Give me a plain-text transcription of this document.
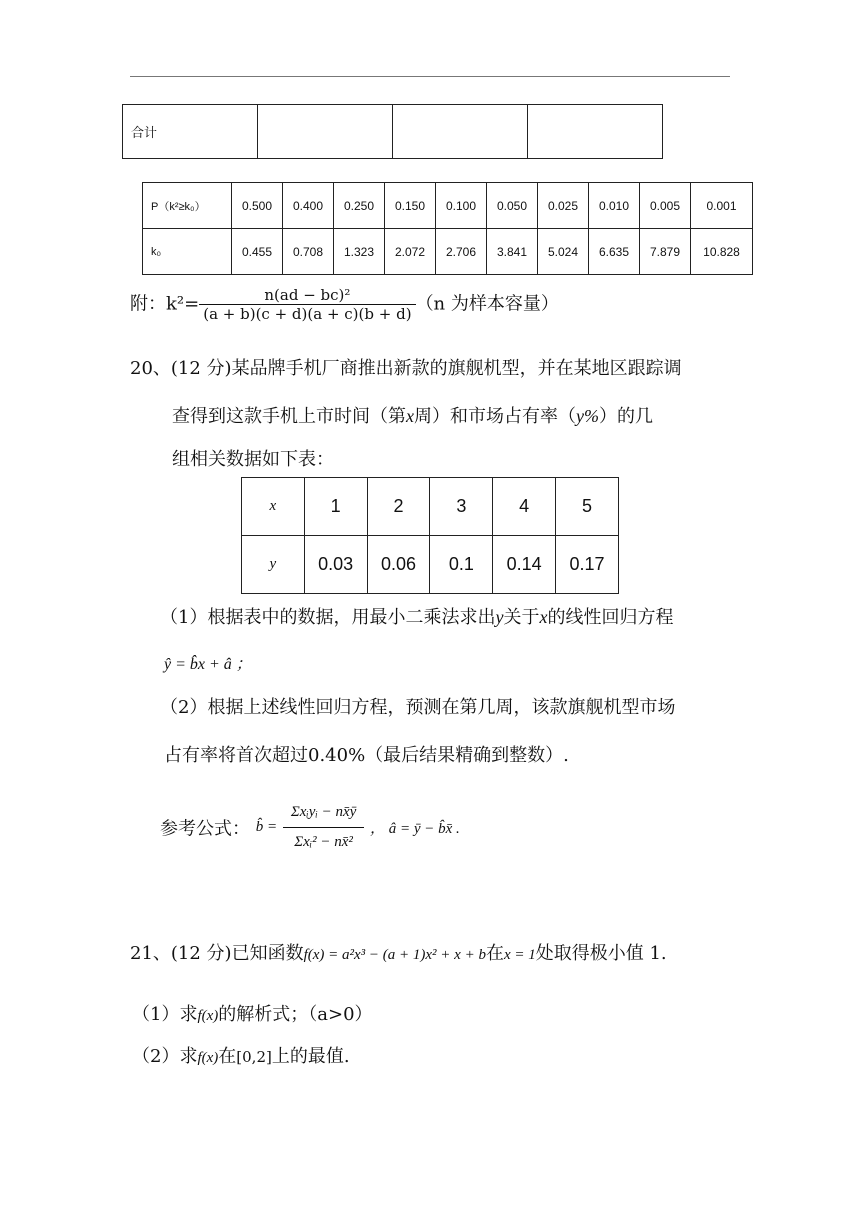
合计			
P（k²≥k₀）	0.500	0.400	0.250	0.150	0.100	0.050	0.025	0.010	0.005	0.001
k₀	0.455	0.708	1.323	2.072	2.706	3.841	5.024	6.635	7.879	10.828
附：$k^2= \frac{\text{n(ad − bc)²}}{(a + b)(c + d)(a + c)(b + d)} (n$ 为样本容量）
20、(12 分)某品牌手机厂商推出新款的旗舰机型，并在某地区跟踪调
查得到这款手机上市时间（第x周）和市场占有率（y%）的几
组相关数据如下表：
x	1	2	3	4	5
y	0.03	0.06	0.1	0.14	0.17
（1）根据表中的数据，用最小二乘法求出y关于x的线性回归方程
ŷ = b̂x + â ；
（2）根据上述线性回归方程，预测在第几周，该款旗舰机型市场
占有率将首次超过0.40%（最后结果精确到整数）.
参考公式： b̂ = $\frac{\text{Σxᵢyᵢ − nx̄ȳ}}{\text{Σxᵢ² − nx̄²}}$ ， â = ȳ − b̂x̄ .
21、(12 分)已知函数f(x) = a²x³ − (a + 1)x² + x + b在x = 1处取得极小值 1.
（1）求f(x)的解析式；（a>0）
（2）求f(x)在[0,2]上的最值.
